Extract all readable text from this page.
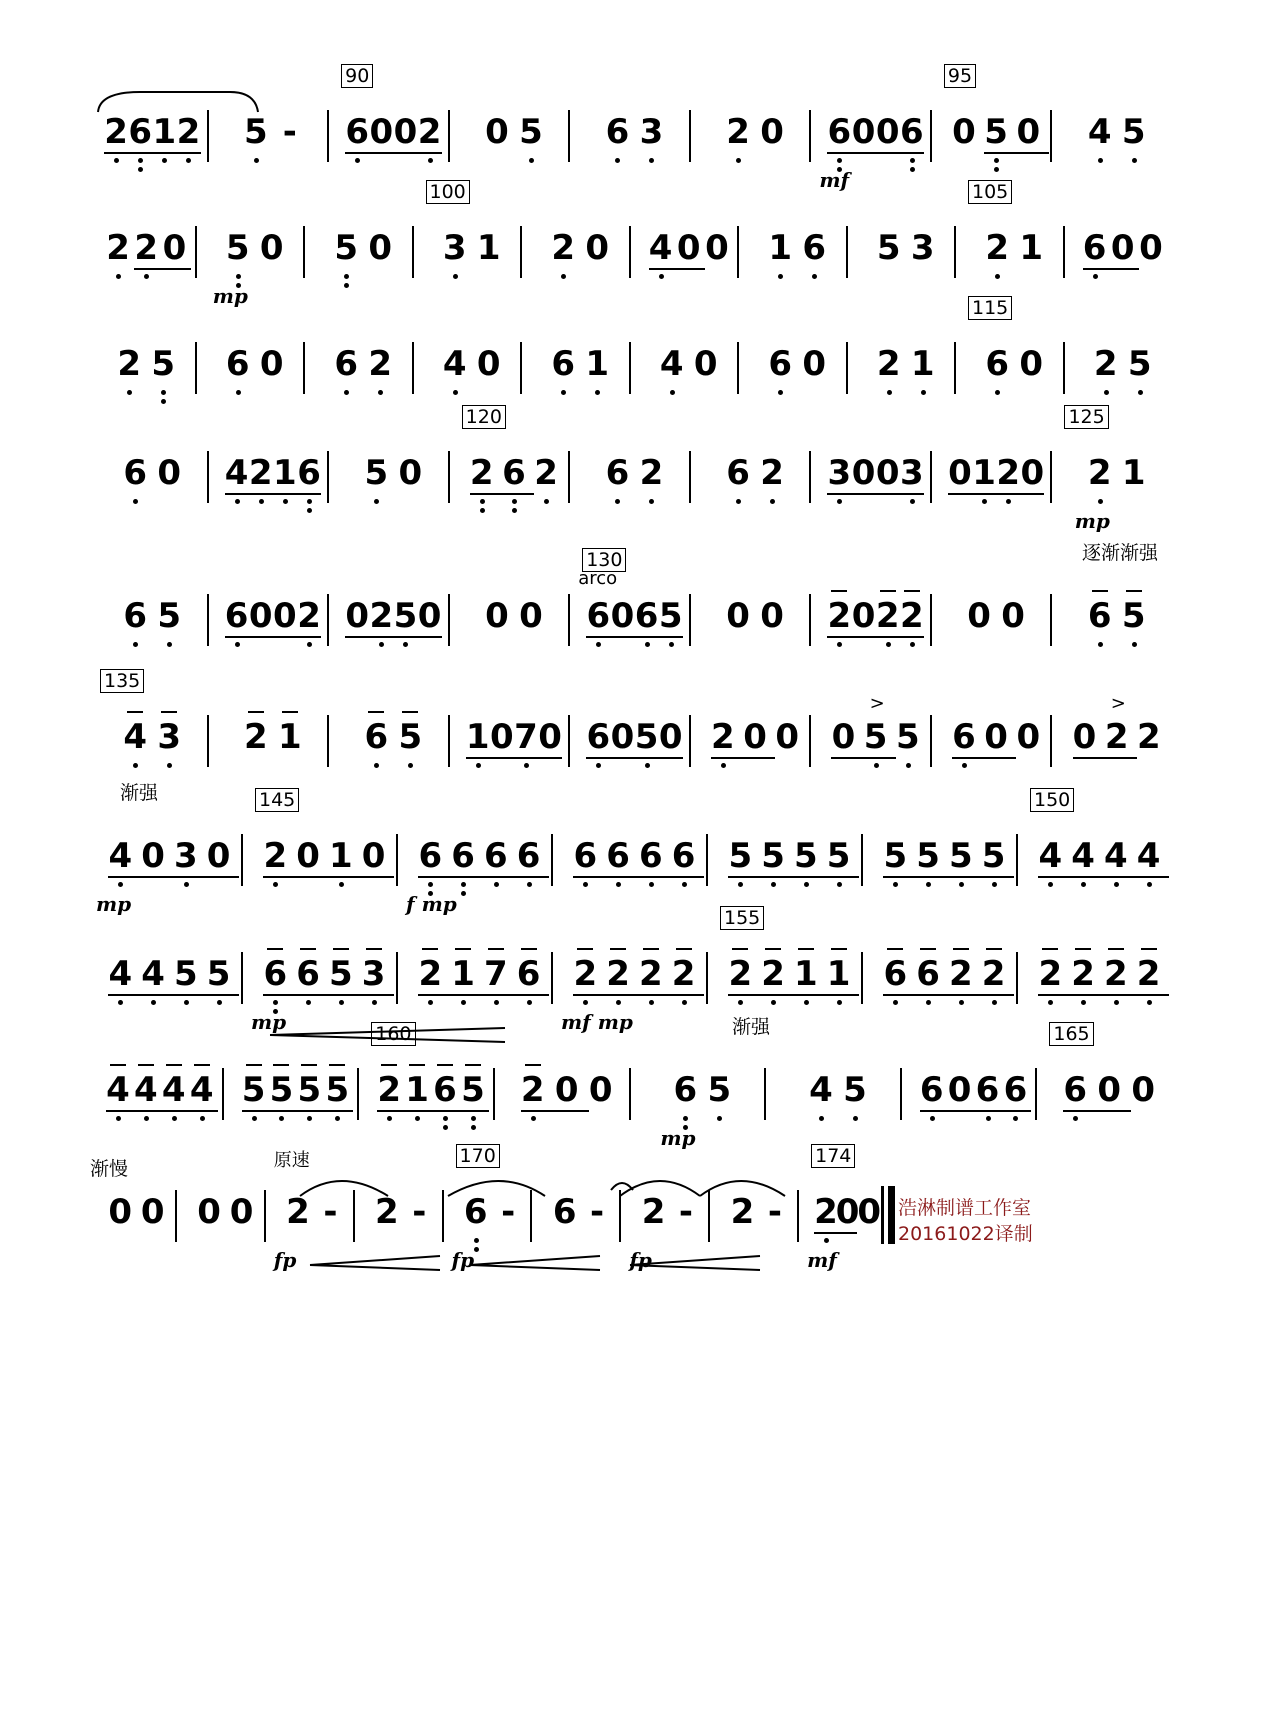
2 6 1 2 5 -
90
6 0 0 2 0 5 6 3 2 0 6 0 0 6
mf
95
0 5 0 4 5
2 2 0 5 0
mp
5 0
100
3 1 2 0 4 0 0 1 6 5 3
105
2 1 6 0 0
2 5 6 0 6 2 4 0 6 1 4 0 6 0 2 1
115
6 0 2 5
6 0 4 2 1 6 5 0
120
2 6 2 6 2 6 2 3 0 0 3 0 1 2 0
125
2 1
mp
逐渐渐强
6 5 6 0 0 2 0 2 5 0 0 0
130
arco
6 0 6 5 0 0 2 0 2 2 0 0 6 5
135
4 3 2 1 6 5 1 0 7 0 6 0 5 0 2 0 0 0 5
>
5 6 0 0 0 2
>
2
渐强
4 0 3 0
mp
145
2 0 1 0 6 6 6 6
f mp
6 6 6 6 5 5 5 5 5 5 5 5
150
4 4 4 4
4 4 5 5 6 6 5 3
mp
2 1 7 6 2 2 2 2
mf mp
155
2 2 1 1 6 6 2 2 2 2 2 2
渐强
4 4 4 4 5 5 5 5
160
2 1 6 5 2 0 0 6 5
mp
4 5 6 0 6 6
165
6 0 0
渐慢
0 0 0 0
原速
2 -
fp
2 -
170
6 -
fp
6 - 2 -
fp
2 -
174
2
0
0
mf
浩淋制谱工作室
20161022译制
